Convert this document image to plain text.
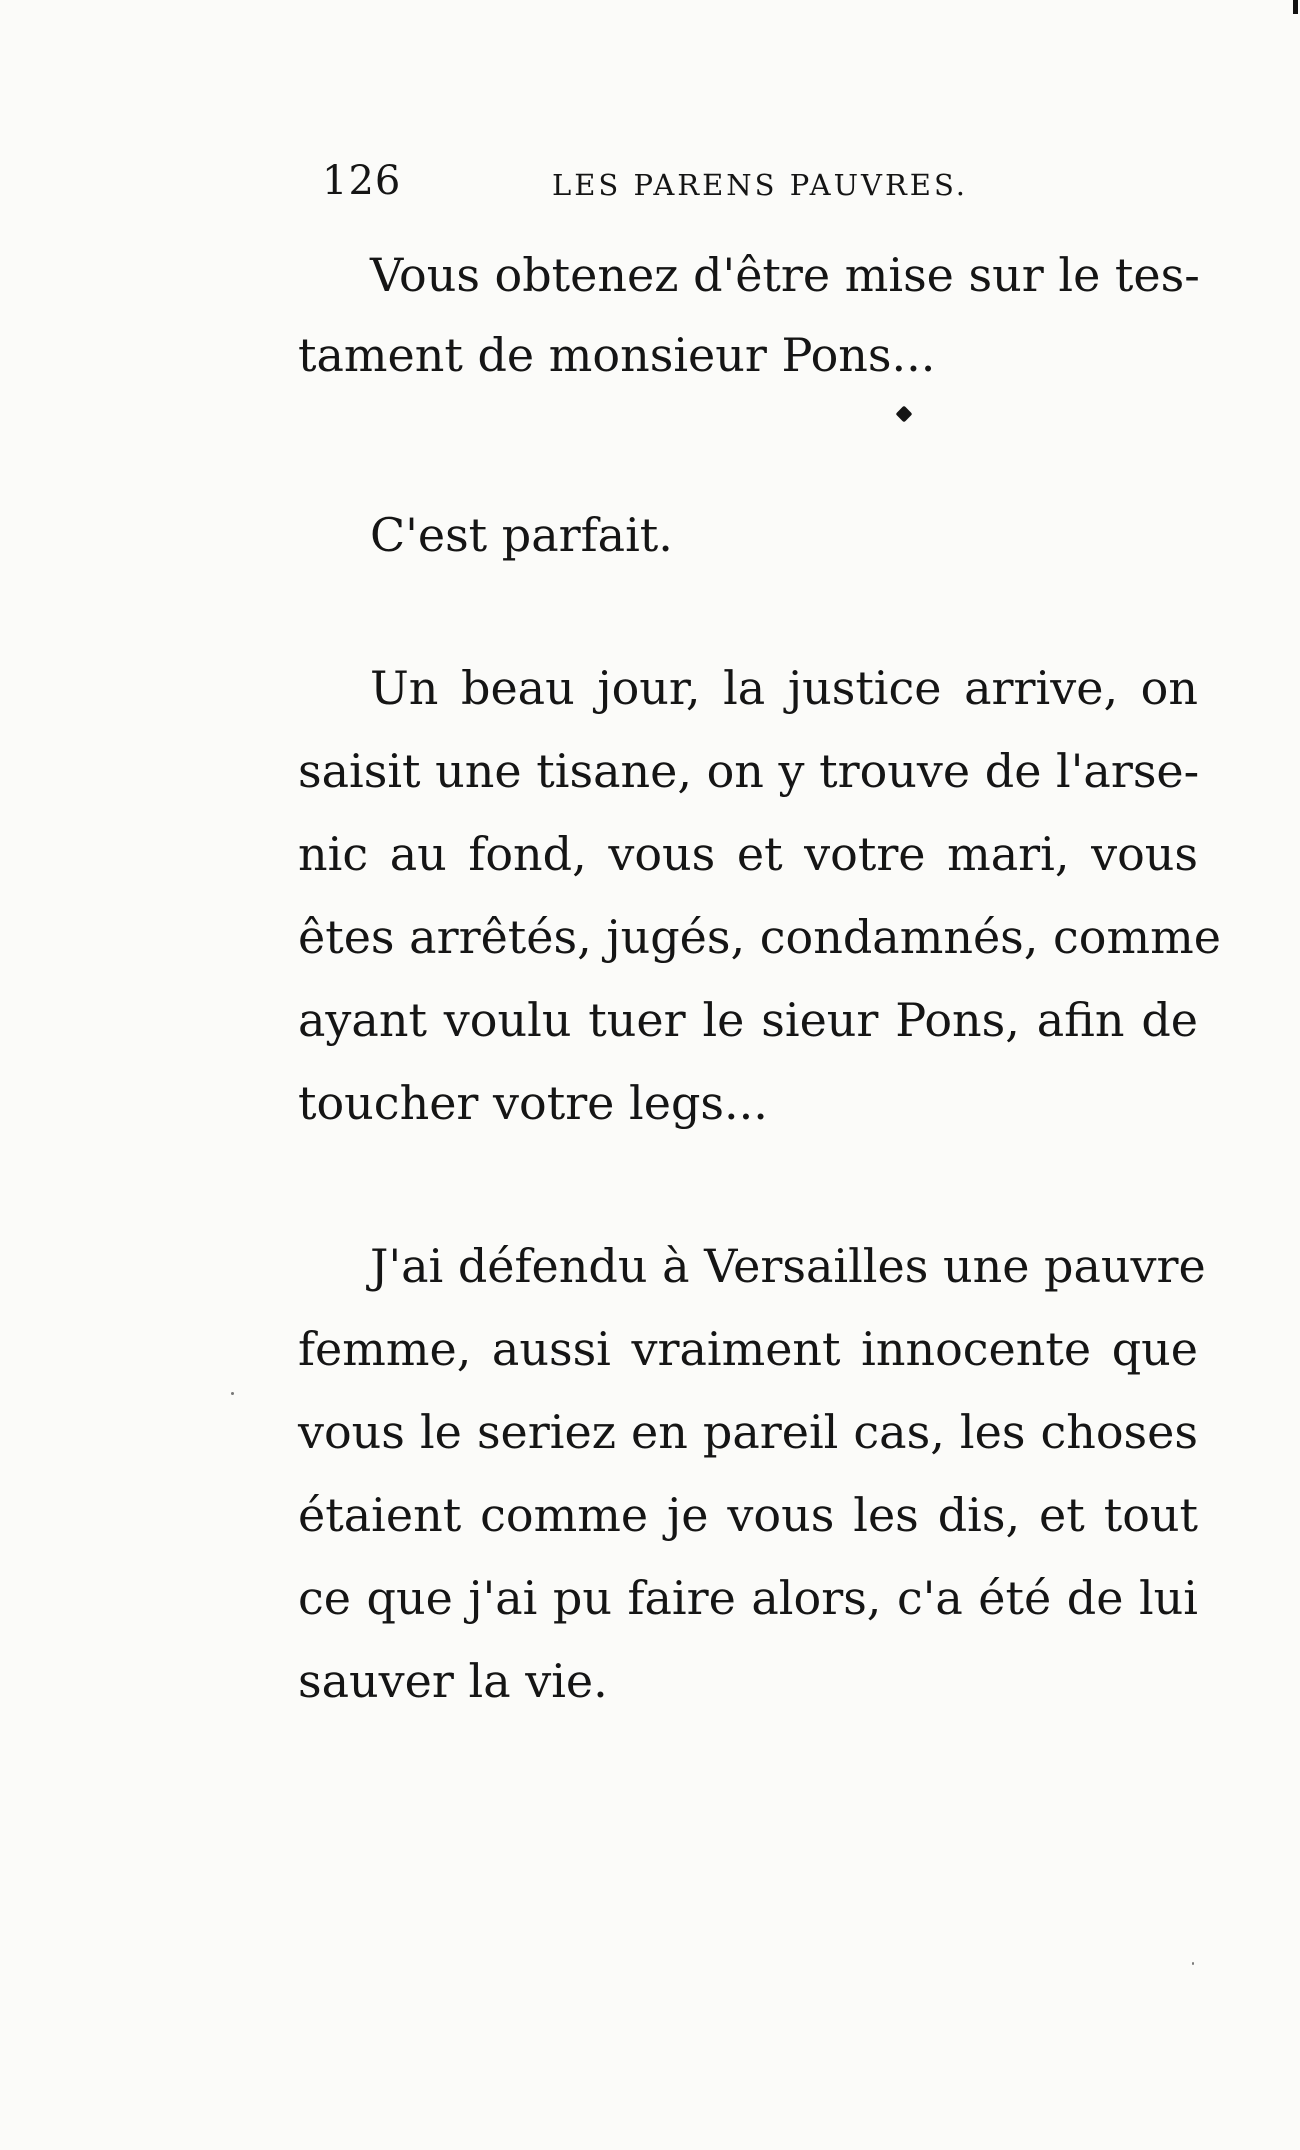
126	LES PARENS PAUVRES.
Vous obtenez d'être mise sur le tes-
tament de monsieur Pons...
C'est parfait.
Un beau jour, la justice arrive, on
saisit une tisane, on y trouve de l'arse-
nic au fond, vous et votre mari, vous
êtes arrêtés, jugés, condamnés, comme
ayant voulu tuer le sieur Pons, afin de
toucher votre legs...
J'ai défendu à Versailles une pauvre
femme, aussi vraiment innocente que
vous le seriez en pareil cas, les choses
étaient comme je vous les dis, et tout
ce que j'ai pu faire alors, c'a été de lui
sauver la vie.
